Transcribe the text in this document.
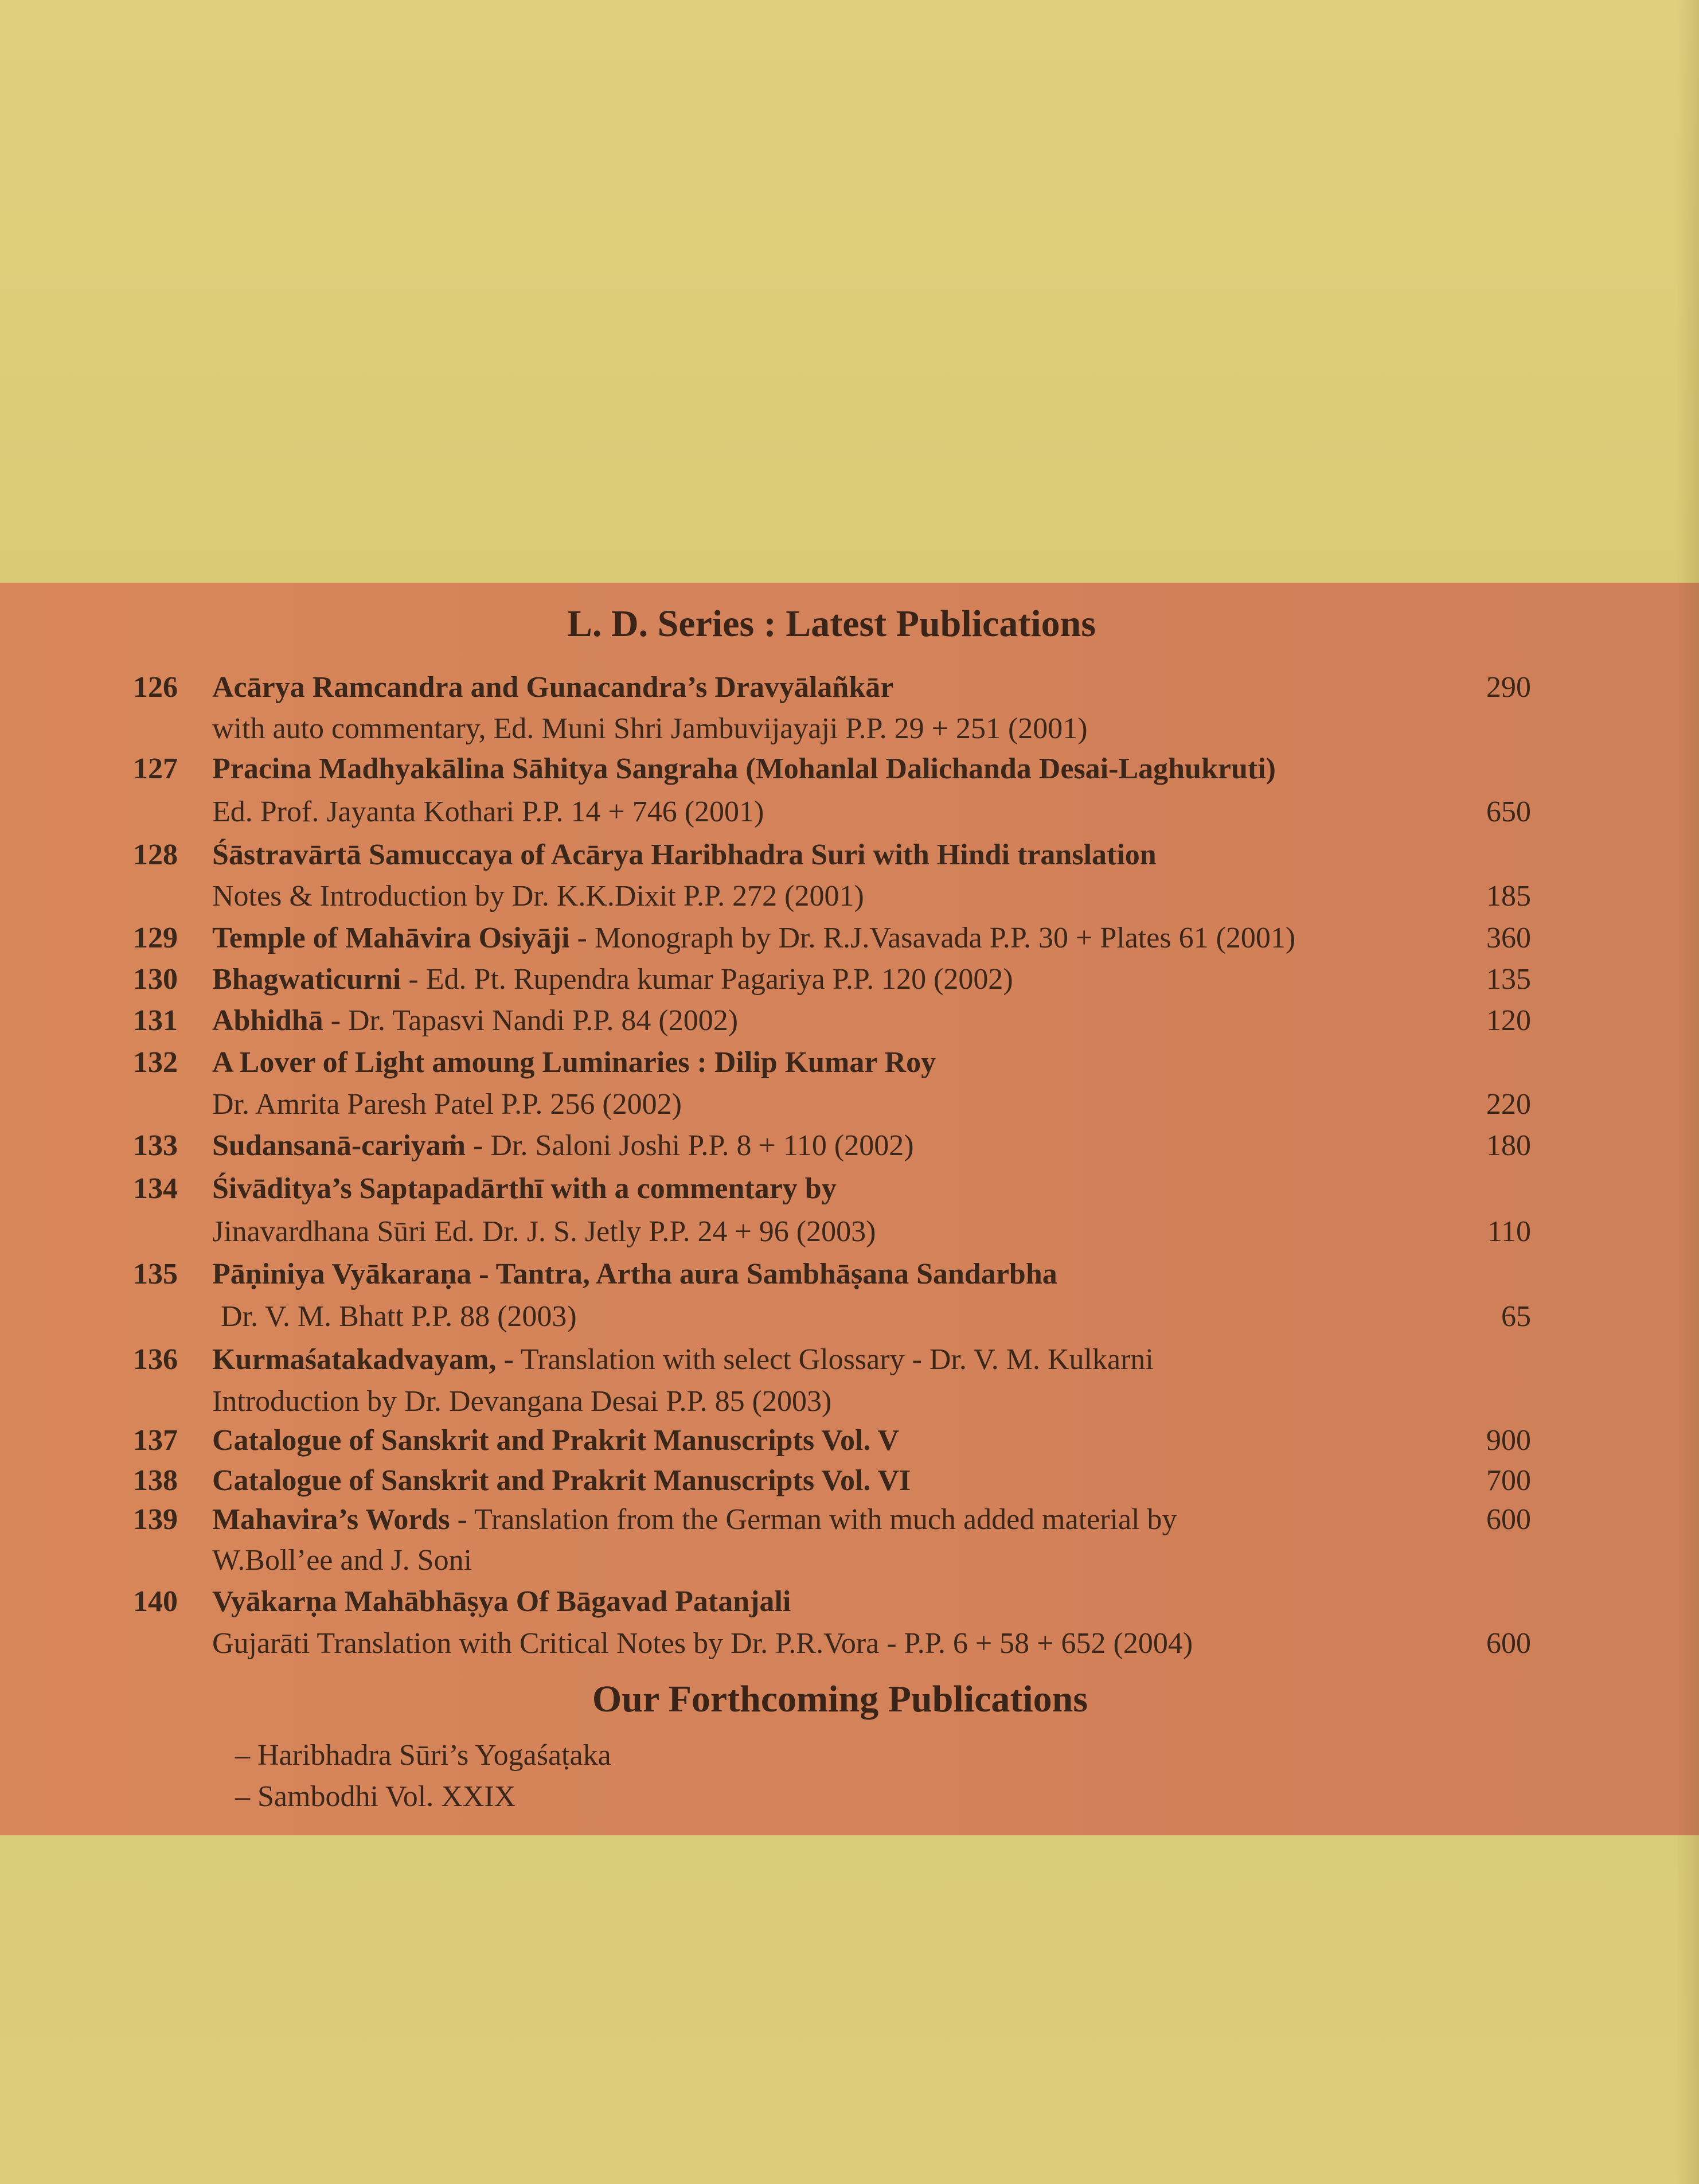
L. D. Series : Latest Publications
126 Acārya Ramcandra and Gunacandra’s Dravyālañkār	290
with auto commentary, Ed. Muni Shri Jambuvijayaji P.P. 29 + 251 (2001)
127 Pracina Madhyakālina Sāhitya Sangraha (Mohanlal Dalichanda Desai-Laghukruti)
Ed. Prof. Jayanta Kothari P.P. 14 + 746 (2001)	650
128 Śāstravārtā Samuccaya of Acārya Haribhadra Suri with Hindi translation
Notes & Introduction by Dr. K.K.Dixit P.P. 272 (2001)	185
129 Temple of Mahāvira Osiyāji - Monograph by Dr. R.J.Vasavada P.P. 30 + Plates 61 (2001)	360
130 Bhagwaticurni - Ed. Pt. Rupendra kumar Pagariya P.P. 120 (2002)	135
131 Abhidhā - Dr. Tapasvi Nandi P.P. 84 (2002)	120
132 A Lover of Light amoung Luminaries : Dilip Kumar Roy
Dr. Amrita Paresh Patel P.P. 256 (2002)	220
133 Sudansanā-cariyaṁ - Dr. Saloni Joshi P.P. 8 + 110 (2002)	180
134 Śivāditya’s Saptapadārthī with a commentary by
Jinavardhana Sūri Ed. Dr. J. S. Jetly P.P. 24 + 96 (2003)	110
135 Pāṇiniya Vyākaraṇa - Tantra, Artha aura Sambhāṣana Sandarbha
Dr. V. M. Bhatt P.P. 88 (2003)	65
136 Kurmaśatakadvayam, - Translation with select Glossary - Dr. V. M. Kulkarni
Introduction by Dr. Devangana Desai P.P. 85 (2003)
137 Catalogue of Sanskrit and Prakrit Manuscripts Vol. V	900
138 Catalogue of Sanskrit and Prakrit Manuscripts Vol. VI	700
139 Mahavira’s Words - Translation from the German with much added material by	600
W.Boll’ee and J. Soni
140 Vyākarṇa Mahābhāṣya Of Bāgavad Patanjali
Gujarāti Translation with Critical Notes by Dr. P.R.Vora - P.P. 6 + 58 + 652 (2004)	600
Our Forthcoming Publications
– Haribhadra Sūri’s Yogaśaṭaka
– Sambodhi Vol. XXIX
